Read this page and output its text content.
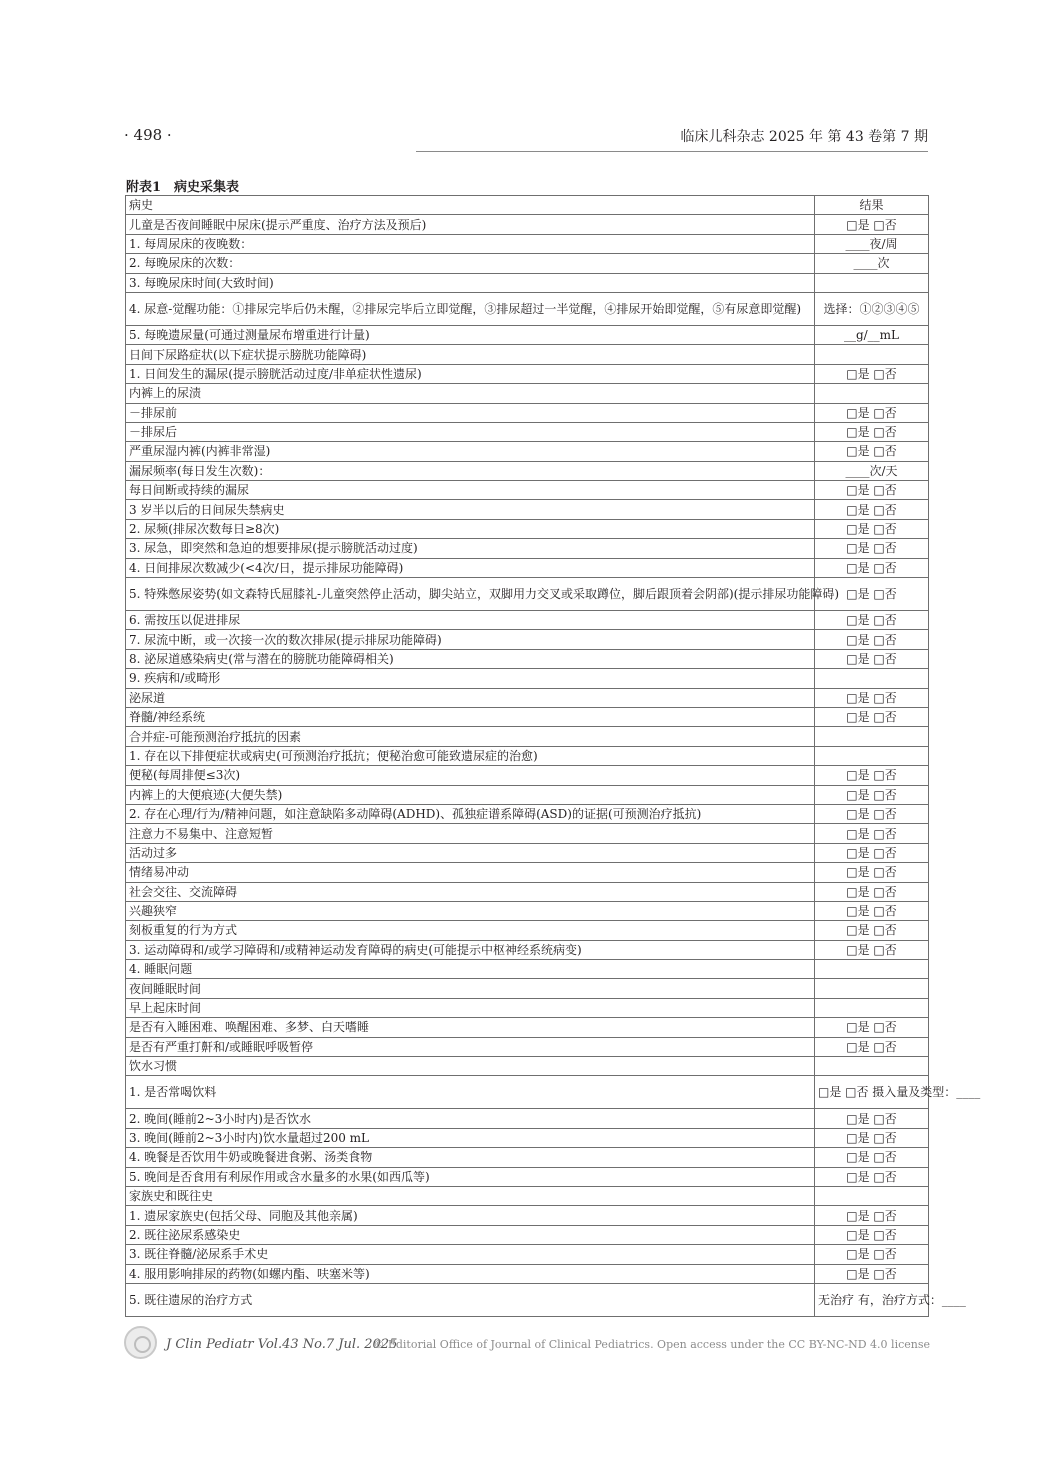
· 498 ·	临床儿科杂志 2025 年 第 43 卷第 7 期
附表1　病史采集表
病史	结果
儿童是否夜间睡眠中尿床(提示严重度、治疗方法及预后)	□是 □否
1. 每周尿床的夜晚数：	____夜/周
2. 每晚尿床的次数：	____次
3. 每晚尿床时间(大致时间)	
4. 尿意-觉醒功能：①排尿完毕后仍未醒，②排尿完毕后立即觉醒，③排尿超过一半觉醒，④排尿开始即觉醒，⑤有尿意即觉醒)	选择：①②③④⑤
5. 每晚遗尿量(可通过测量尿布增重进行计量)	__g/__mL
日间下尿路症状(以下症状提示膀胱功能障碍)	
1. 日间发生的漏尿(提示膀胱活动过度/非单症状性遗尿)	□是 □否
内裤上的尿渍	
－排尿前	□是 □否
－排尿后	□是 □否
严重尿湿内裤(内裤非常湿)	□是 □否
漏尿频率(每日发生次数)：	____次/天
每日间断或持续的漏尿	□是 □否
3 岁半以后的日间尿失禁病史	□是 □否
2. 尿频(排尿次数每日≥8次)	□是 □否
3. 尿急，即突然和急迫的想要排尿(提示膀胱活动过度)	□是 □否
4. 日间排尿次数减少(<4次/日，提示排尿功能障碍)	□是 □否
5. 特殊憋尿姿势(如文森特氏屈膝礼-儿童突然停止活动，脚尖站立，双脚用力交叉或采取蹲位，脚后跟顶着会阴部)(提示排尿功能障碍)	□是 □否
6. 需按压以促进排尿	□是 □否
7. 尿流中断，或一次接一次的数次排尿(提示排尿功能障碍)	□是 □否
8. 泌尿道感染病史(常与潜在的膀胱功能障碍相关)	□是 □否
9. 疾病和/或畸形	
泌尿道	□是 □否
脊髓/神经系统	□是 □否
合并症-可能预测治疗抵抗的因素	
1. 存在以下排便症状或病史(可预测治疗抵抗；便秘治愈可能致遗尿症的治愈)	
便秘(每周排便≤3次)	□是 □否
内裤上的大便痕迹(大便失禁)	□是 □否
2. 存在心理/行为/精神问题，如注意缺陷多动障碍(ADHD)、孤独症谱系障碍(ASD)的证据(可预测治疗抵抗)	□是 □否
注意力不易集中、注意短暂	□是 □否
活动过多	□是 □否
情绪易冲动	□是 □否
社会交往、交流障碍	□是 □否
兴趣狭窄	□是 □否
刻板重复的行为方式	□是 □否
3. 运动障碍和/或学习障碍和/或精神运动发育障碍的病史(可能提示中枢神经系统病变)	□是 □否
4. 睡眠问题	
夜间睡眠时间	
早上起床时间	
是否有入睡困难、唤醒困难、多梦、白天嗜睡	□是 □否
是否有严重打鼾和/或睡眠呼吸暂停	□是 □否
饮水习惯	
1. 是否常喝饮料	□是 □否 摄入量及类型：____
2. 晚间(睡前2~3小时内)是否饮水	□是 □否
3. 晚间(睡前2~3小时内)饮水量超过200 mL	□是 □否
4. 晚餐是否饮用牛奶或晚餐进食粥、汤类食物	□是 □否
5. 晚间是否食用有利尿作用或含水量多的水果(如西瓜等)	□是 □否
家族史和既往史	
1. 遗尿家族史(包括父母、同胞及其他亲属)	□是 □否
2. 既往泌尿系感染史	□是 □否
3. 既往脊髓/泌尿系手术史	□是 □否
4. 服用影响排尿的药物(如螺内酯、呋塞米等)	□是 □否
5. 既往遗尿的治疗方式	无治疗 有，治疗方式：____
J Clin Pediatr Vol.43 No.7 Jul. 2025
© Editorial Office of Journal of Clinical Pediatrics. Open access under the CC BY-NC-ND 4.0 license
